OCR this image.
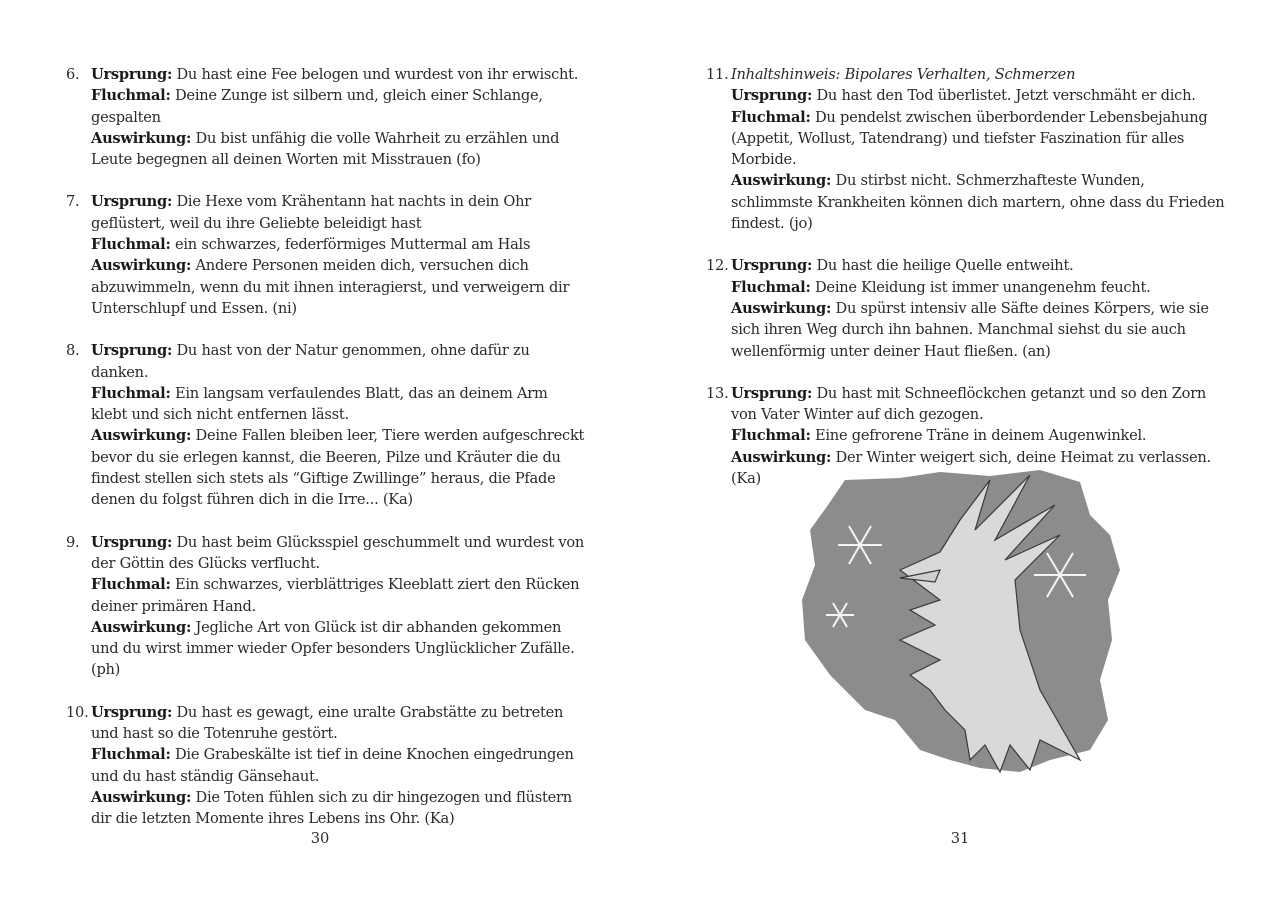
6. Ursprung: Du hast eine Fee belogen und wurdest von ihr erwischt.
Fluchmal: Deine Zunge ist silbern und, gleich einer Schlange, gespalten
Auswirkung: Du bist unfähig die volle Wahrheit zu erzählen und Leute begegnen all deinen Worten mit Misstrauen (fo)
7. Ursprung: Die Hexe vom Krähentann hat nachts in dein Ohr geflüstert, weil du ihre Geliebte beleidigt hast
Fluchmal: ein schwarzes, federförmiges Muttermal am Hals
Auswirkung: Andere Personen meiden dich, versuchen dich abzuwimmeln, wenn du mit ihnen interagierst, und verweigern dir Unterschlupf und Essen. (ni)
8. Ursprung: Du hast von der Natur genommen, ohne dafür zu danken.
Fluchmal: Ein langsam verfaulendes Blatt, das an deinem Arm klebt und sich nicht entfernen lässt.
Auswirkung: Deine Fallen bleiben leer, Tiere werden aufgeschreckt bevor du sie erlegen kannst, die Beeren, Pilze und Kräuter die du findest stellen sich stets als “Giftige Zwillinge” heraus, die Pfade denen du folgst führen dich in die Irre... (Ka)
9. Ursprung: Du hast beim Glücksspiel geschummelt und wurdest von der Göttin des Glücks verflucht.
Fluchmal: Ein schwarzes, vierblättriges Kleeblatt ziert den Rücken deiner primären Hand.
Auswirkung: Jegliche Art von Glück ist dir abhanden gekommen und du wirst immer wieder Opfer besonders Unglücklicher Zufälle. (ph)
10. Ursprung: Du hast es gewagt, eine uralte Grabstätte zu betreten und hast so die Totenruhe gestört.
Fluchmal: Die Grabeskälte ist tief in deine Knochen eingedrungen und du hast ständig Gänsehaut.
Auswirkung: Die Toten fühlen sich zu dir hingezogen und flüstern dir die letzten Momente ihres Lebens ins Ohr. (Ka)
30
11. Inhaltshinweis: Bipolares Verhalten, Schmerzen
Ursprung: Du hast den Tod überlistet. Jetzt verschmäht er dich.
Fluchmal: Du pendelst zwischen überbordender Lebensbejahung (Appetit, Wollust, Tatendrang) und tiefster Faszination für alles Morbide.
Auswirkung: Du stirbst nicht. Schmerzhafteste Wunden, schlimmste Krankheiten können dich martern, ohne dass du Frieden findest. (jo)
12. Ursprung: Du hast die heilige Quelle entweiht.
Fluchmal: Deine Kleidung ist immer unangenehm feucht.
Auswirkung: Du spürst intensiv alle Säfte deines Körpers, wie sie sich ihren Weg durch ihn bahnen. Manchmal siehst du sie auch wellenförmig unter deiner Haut fließen. (an)
13. Ursprung: Du hast mit Schneeflöckchen getanzt und so den Zorn von Vater Winter auf dich gezogen.
Fluchmal: Eine gefrorene Träne in deinem Augenwinkel.
Auswirkung: Der Winter weigert sich, deine Heimat zu verlassen. (Ka)
31
